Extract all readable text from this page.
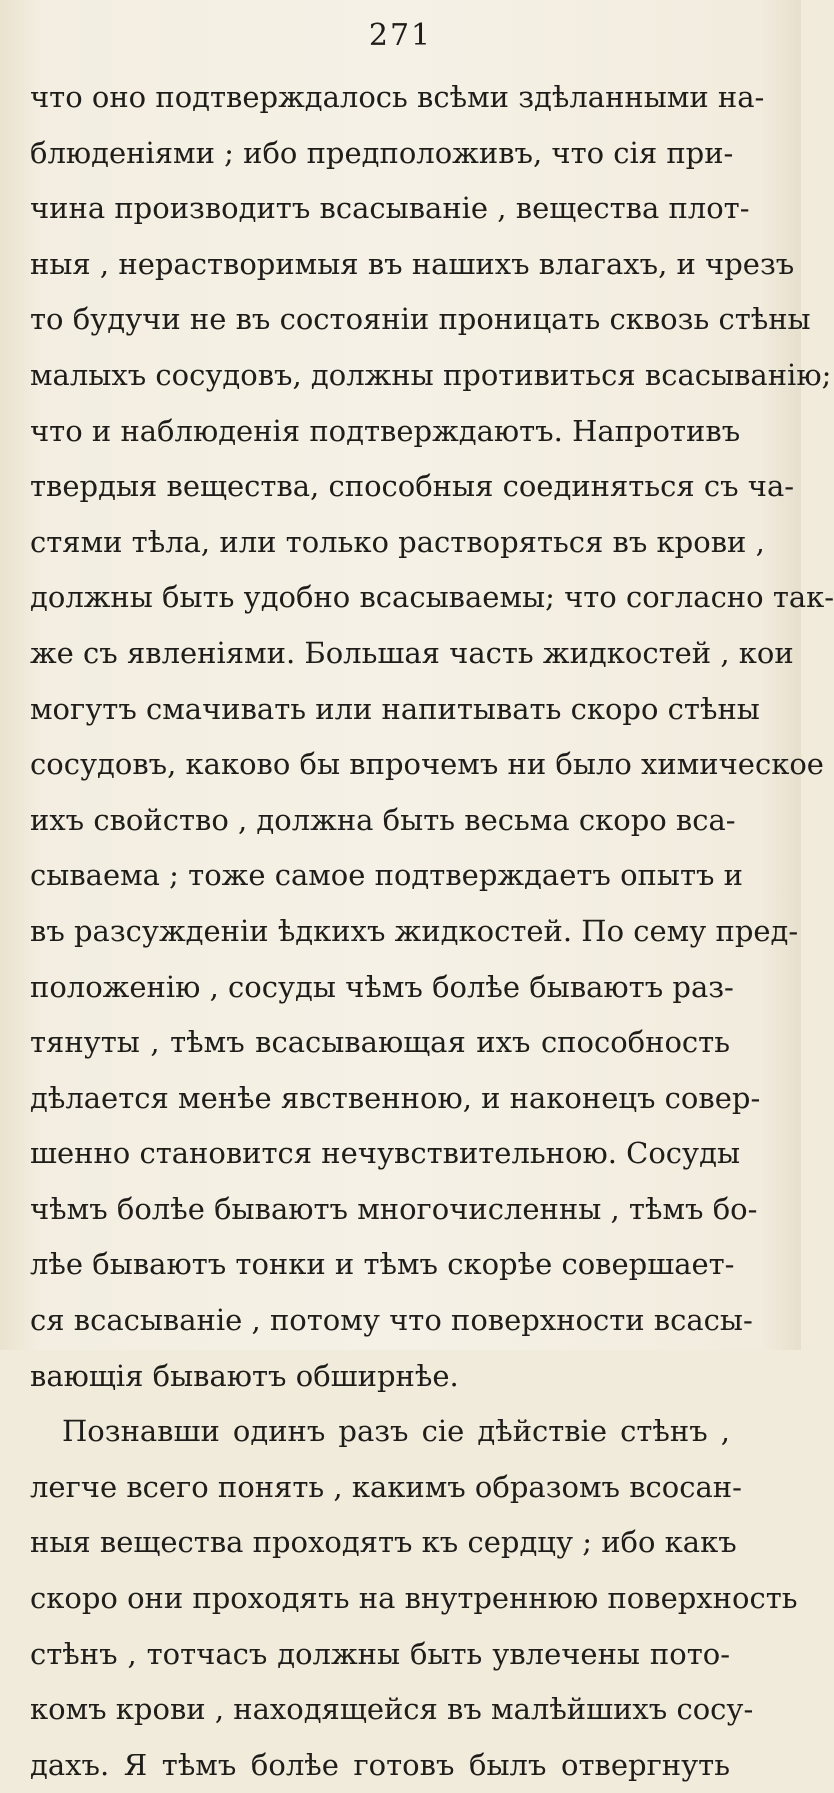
271
что оно подтверждалось всѣми здѣланными на-
блюденіями ; ибо предположивъ, что сія при-
чина производитъ всасываніе , вещества плот-
ныя , нерастворимыя въ нашихъ влагахъ, и чрезъ
то будучи не въ состояніи проницать сквозь стѣны
малыхъ сосудовъ, должны противиться всасыванію;
что и наблюденія подтверждаютъ. Напротивъ
твердыя вещества, способныя соединяться съ ча-
стями тѣла, или только растворяться въ крови ,
должны быть удобно всасываемы; что согласно так-
же съ явленіями. Большая часть жидкостей , кои
могутъ смачивать или напитывать скоро стѣны
сосудовъ, каково бы впрочемъ ни было химическое
ихъ свойство , должна быть весьма скоро вса-
сываема ; тоже самое подтверждаетъ опытъ и
въ разсужденіи ѣдкихъ жидкостей. По сему пред-
положенію , сосуды чѣмъ болѣе бываютъ раз-
тянуты , тѣмъ всасывающая ихъ способность
дѣлается менѣе явственною, и наконецъ совер-
шенно становится нечувствительною. Сосуды
чѣмъ болѣе бываютъ многочисленны , тѣмъ бо-
лѣе бываютъ тонки и тѣмъ скорѣе совершает-
ся всасываніе , потому что поверхности всасы-
вающія бываютъ обширнѣе.
Познавши одинъ разъ сіе дѣйствіе стѣнъ ,
легче всего понять , какимъ образомъ всосан-
ныя вещества проходятъ къ сердцу ; ибо какъ
скоро они проходять на внутреннюю поверхность
стѣнъ , тотчасъ должны быть увлечены пото-
комъ крови , находящейся въ малѣйшихъ сосу-
дахъ. Я тѣмъ болѣе готовъ былъ отвергнуть
